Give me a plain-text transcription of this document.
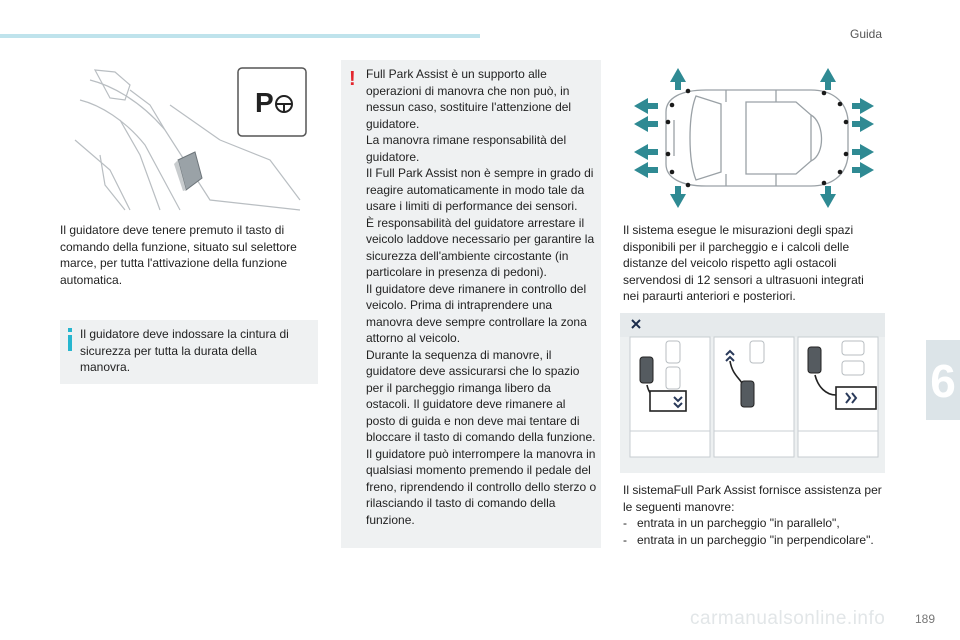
Guida
6
P
Il guidatore deve tenere premuto il tasto di comando della funzione, situato sul selettore marce, per tutta l'attivazione della funzione automatica.
Il guidatore deve indossare la cintura di sicurezza per tutta la durata della manovra.
! Full Park Assist è un supporto alle operazioni di manovra che non può, in nessun caso, sostituire l'attenzione del guidatore.
La manovra rimane responsabilità del guidatore.
Il Full Park Assist non è sempre in grado di reagire automaticamente in modo tale da usare i limiti di performance dei sensori.
È responsabilità del guidatore arrestare il veicolo laddove necessario per garantire la sicurezza dell'ambiente circostante (in particolare in presenza di pedoni).
Il guidatore deve rimanere in controllo del veicolo. Prima di intraprendere una manovra deve sempre controllare la zona attorno al veicolo.
Durante la sequenza di manovre, il guidatore deve assicurarsi che lo spazio per il parcheggio rimanga libero da ostacoli. Il guidatore deve rimanere al posto di guida e non deve mai tentare di bloccare il tasto di comando della funzione.
Il guidatore può interrompere la manovra in qualsiasi momento premendo il pedale del freno, riprendendo il controllo dello sterzo o rilasciando il tasto di comando della funzione.
Il sistema esegue le misurazioni degli spazi disponibili per il parcheggio e i calcoli delle distanze del veicolo rispetto agli ostacoli servendosi di 12 sensori a ultrasuoni integrati nei paraurti anteriori e posteriori.
Il sistemaFull Park Assist fornisce assistenza per le seguenti manovre:
-   entrata in un parcheggio "in parallelo",
-   entrata in un parcheggio "in perpendicolare".
carmanualsonline.info 189
